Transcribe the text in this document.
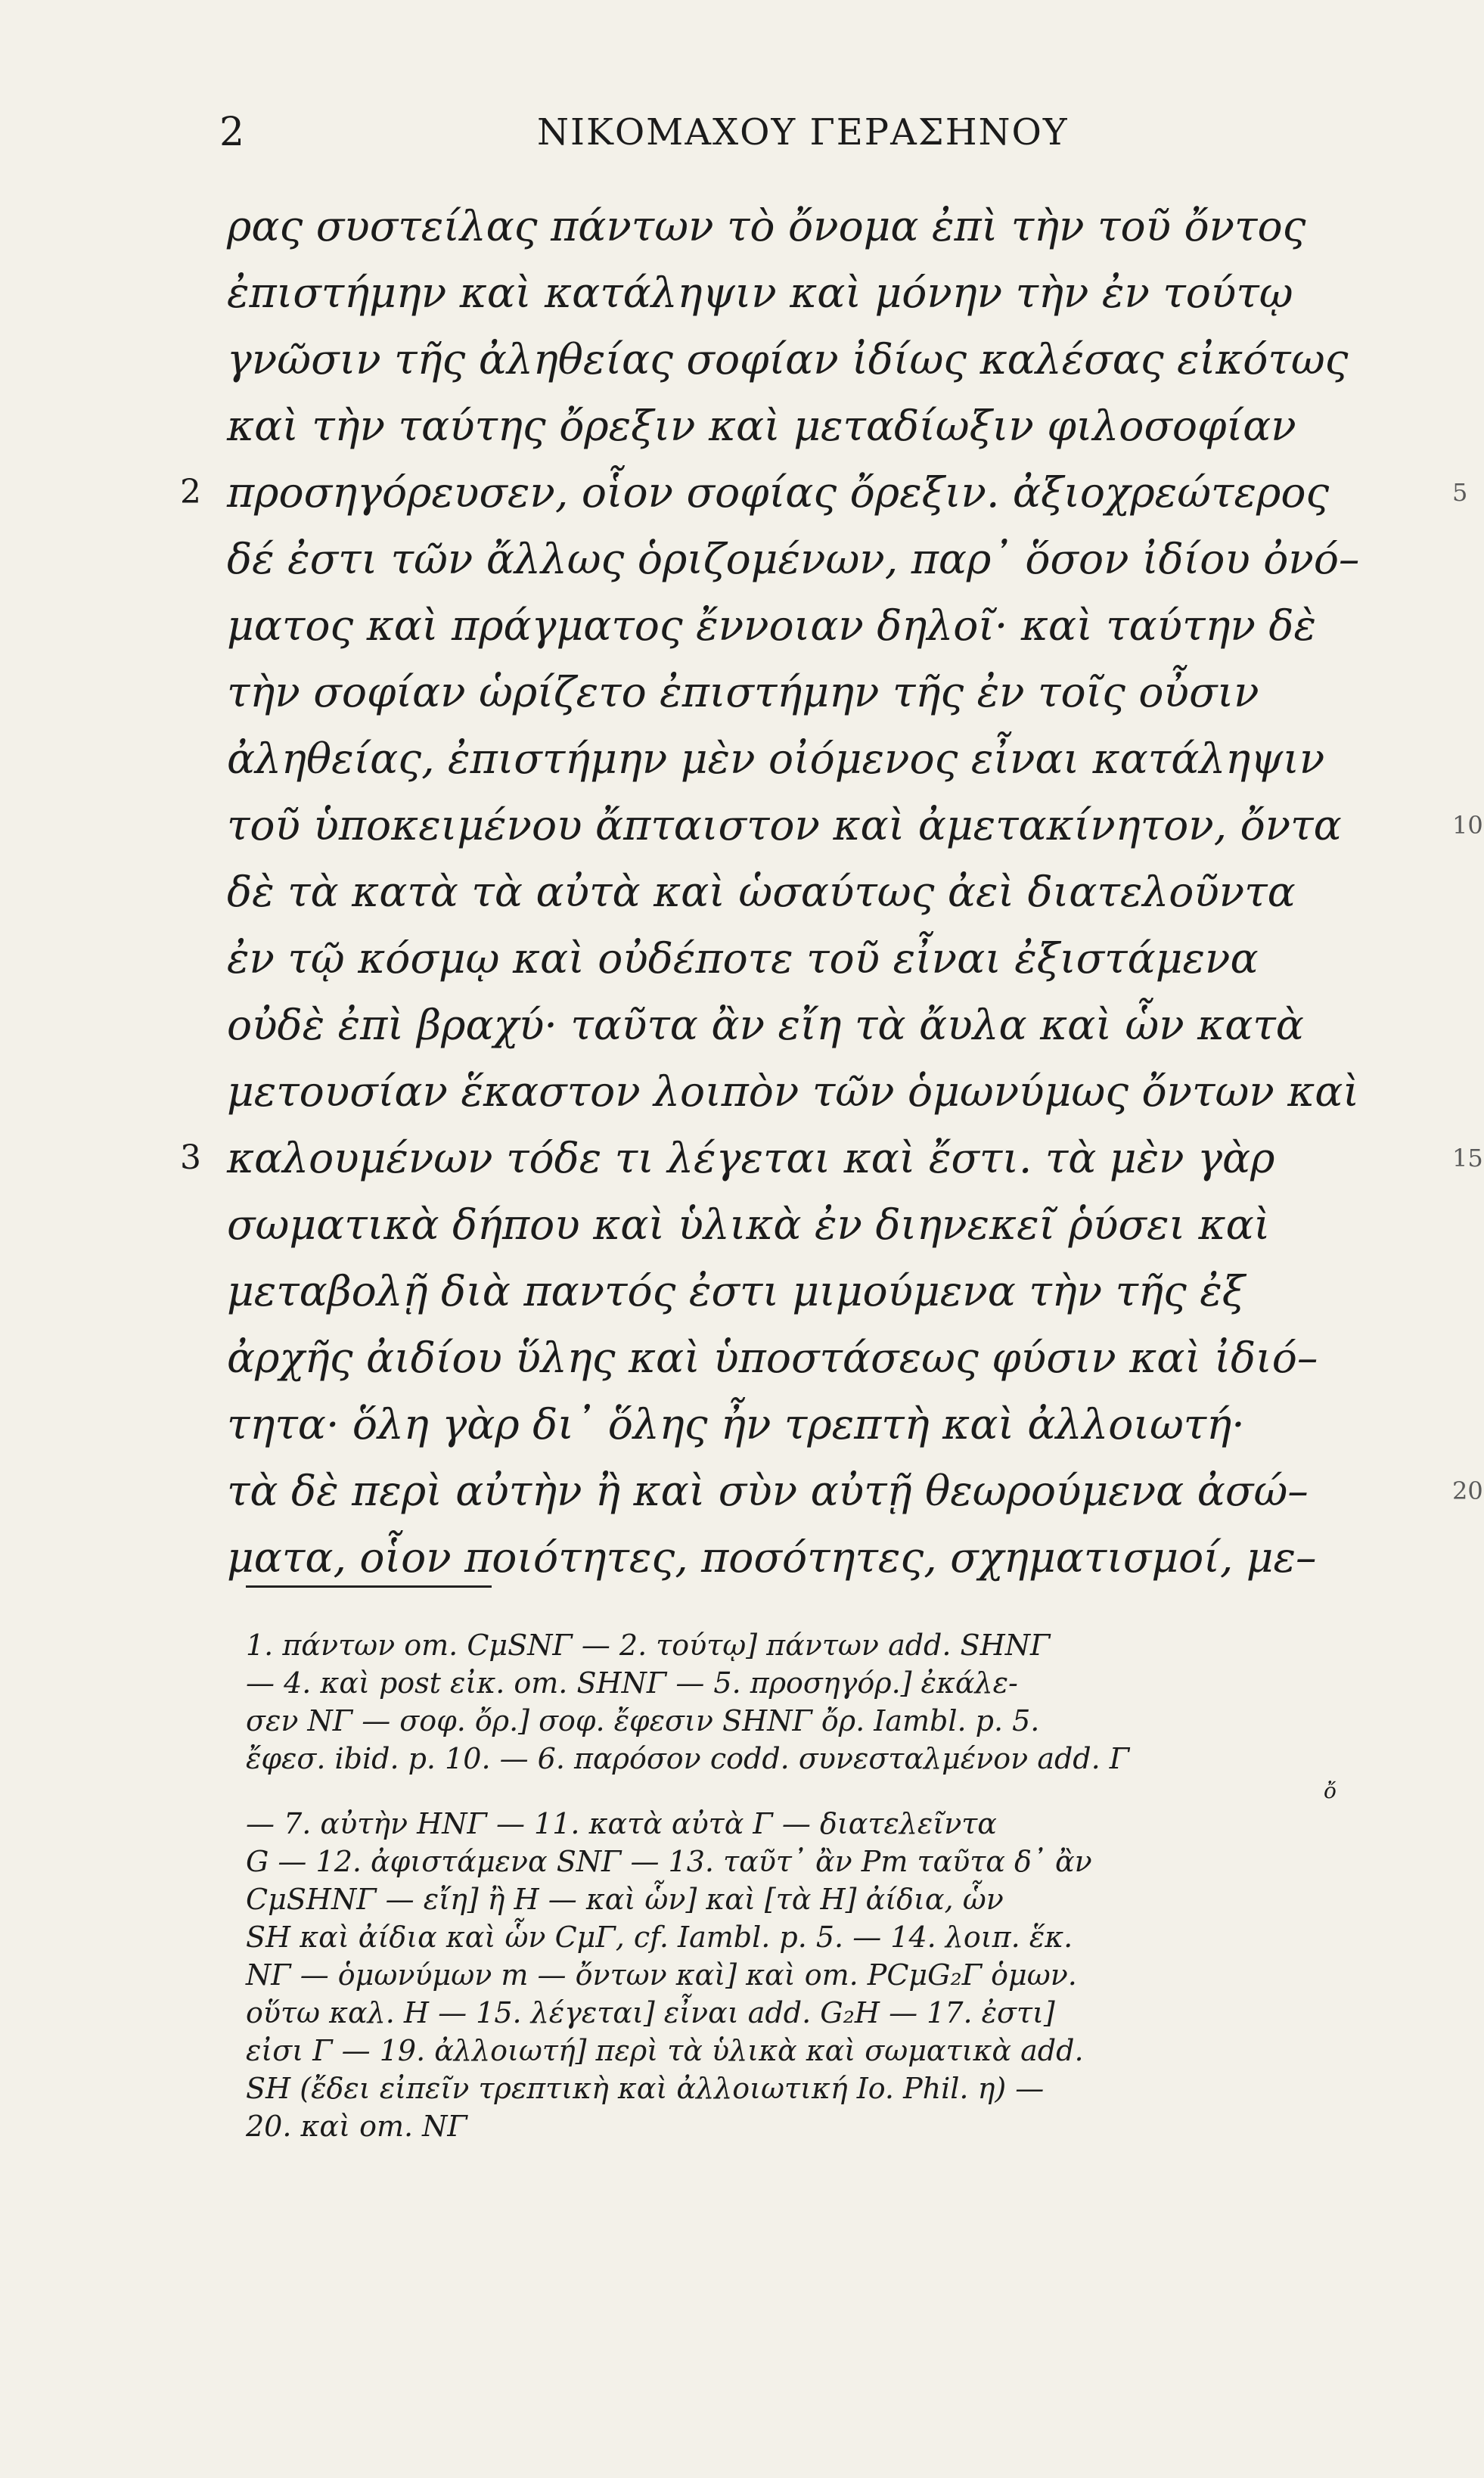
2	ΝΙΚΟΜΑΧΟΥ ΓΕΡΑΣΗΝΟΥ
ρας συστείλας πάντων τὸ ὄνομα ἐπὶ τὴν τοῦ ὄντος
ἐπιστήμην καὶ κατάληψιν καὶ μόνην τὴν ἐν τούτῳ
γνῶσιν τῆς ἀληθείας σοφίαν ἰδίως καλέσας εἰκότως
καὶ τὴν ταύτης ὄρεξιν καὶ μεταδίωξιν φιλοσοφίαν
2 προσηγόρευσεν, οἷον σοφίας ὄρεξιν. ἀξιοχρεώτερος	5
δέ ἐστι τῶν ἄλλως ὁριζομένων, παρ᾽ ὅσον ἰδίου ὀνό–
ματος καὶ πράγματος ἔννοιαν δηλοῖ· καὶ ταύτην δὲ
τὴν σοφίαν ὡρίζετο ἐπιστήμην τῆς ἐν τοῖς οὖσιν
ἀληθείας, ἐπιστήμην μὲν οἰόμενος εἶναι κατάληψιν
τοῦ ὑποκειμένου ἄπταιστον καὶ ἀμετακίνητον, ὄντα	10
δὲ τὰ κατὰ τὰ αὐτὰ καὶ ὡσαύτως ἀεὶ διατελοῦντα
ἐν τῷ κόσμῳ καὶ οὐδέποτε τοῦ εἶναι ἐξιστάμενα
οὐδὲ ἐπὶ βραχύ· ταῦτα ἂν εἴη τὰ ἄυλα καὶ ὧν κατὰ
μετουσίαν ἕκαστον λοιπὸν τῶν ὁμωνύμως ὄντων καὶ
3 καλουμένων τόδε τι λέγεται καὶ ἔστι. τὰ μὲν γὰρ	15
σωματικὰ δήπου καὶ ὑλικὰ ἐν διηνεκεῖ ῥύσει καὶ
μεταβολῇ διὰ παντός ἐστι μιμούμενα τὴν τῆς ἐξ
ἀρχῆς ἀιδίου ὕλης καὶ ὑποστάσεως φύσιν καὶ ἰδιό–
τητα· ὅλη γὰρ δι᾽ ὅλης ἦν τρεπτὴ καὶ ἀλλοιωτή·
τὰ δὲ περὶ αὐτὴν ἢ καὶ σὺν αὐτῇ θεωρούμενα ἀσώ–	20
ματα, οἷον ποιότητες, ποσότητες, σχηματισμοί, με–
1. πάντων om. CμSNΓ — 2. τούτῳ] πάντων add. SHNΓ
— 4. καὶ post εἰκ. om. SHNΓ — 5. προσηγόρ.] ἐκάλε-
σεν NΓ — σοφ. ὄρ.] σοφ. ἔφεσιν SHNΓ ὄρ. Iambl. p. 5.
ἔφεσ. ibid. p. 10. — 6. παρόσον codd. συνεσταλμένον add. Γ
ὄ
— 7. αὐτὴν HNΓ — 11. κατὰ αὐτὰ Γ — διατελεῖντα
G — 12. ἀφιστάμενα SNΓ — 13. ταῦτ᾽ ἂν Pm ταῦτα δ᾽ ἂν
CμSHNΓ — εἴη] ἢ H — καὶ ὧν] καὶ [τὰ H] ἀίδια, ὧν
SH καὶ ἀίδια καὶ ὧν CμΓ, cf. Iambl. p. 5. — 14. λοιπ. ἕκ.
NΓ — ὁμωνύμων m — ὄντων καὶ] καὶ om. PCμG₂Γ ὁμων.
οὕτω καλ. H — 15. λέγεται] εἶναι add. G₂H — 17. ἐστι]
εἰσι Γ — 19. ἀλλοιωτή] περὶ τὰ ὑλικὰ καὶ σωματικὰ add.
SH (ἔδει εἰπεῖν τρεπτικὴ καὶ ἀλλοιωτική Io. Phil. η) —
20. καὶ om. NΓ
